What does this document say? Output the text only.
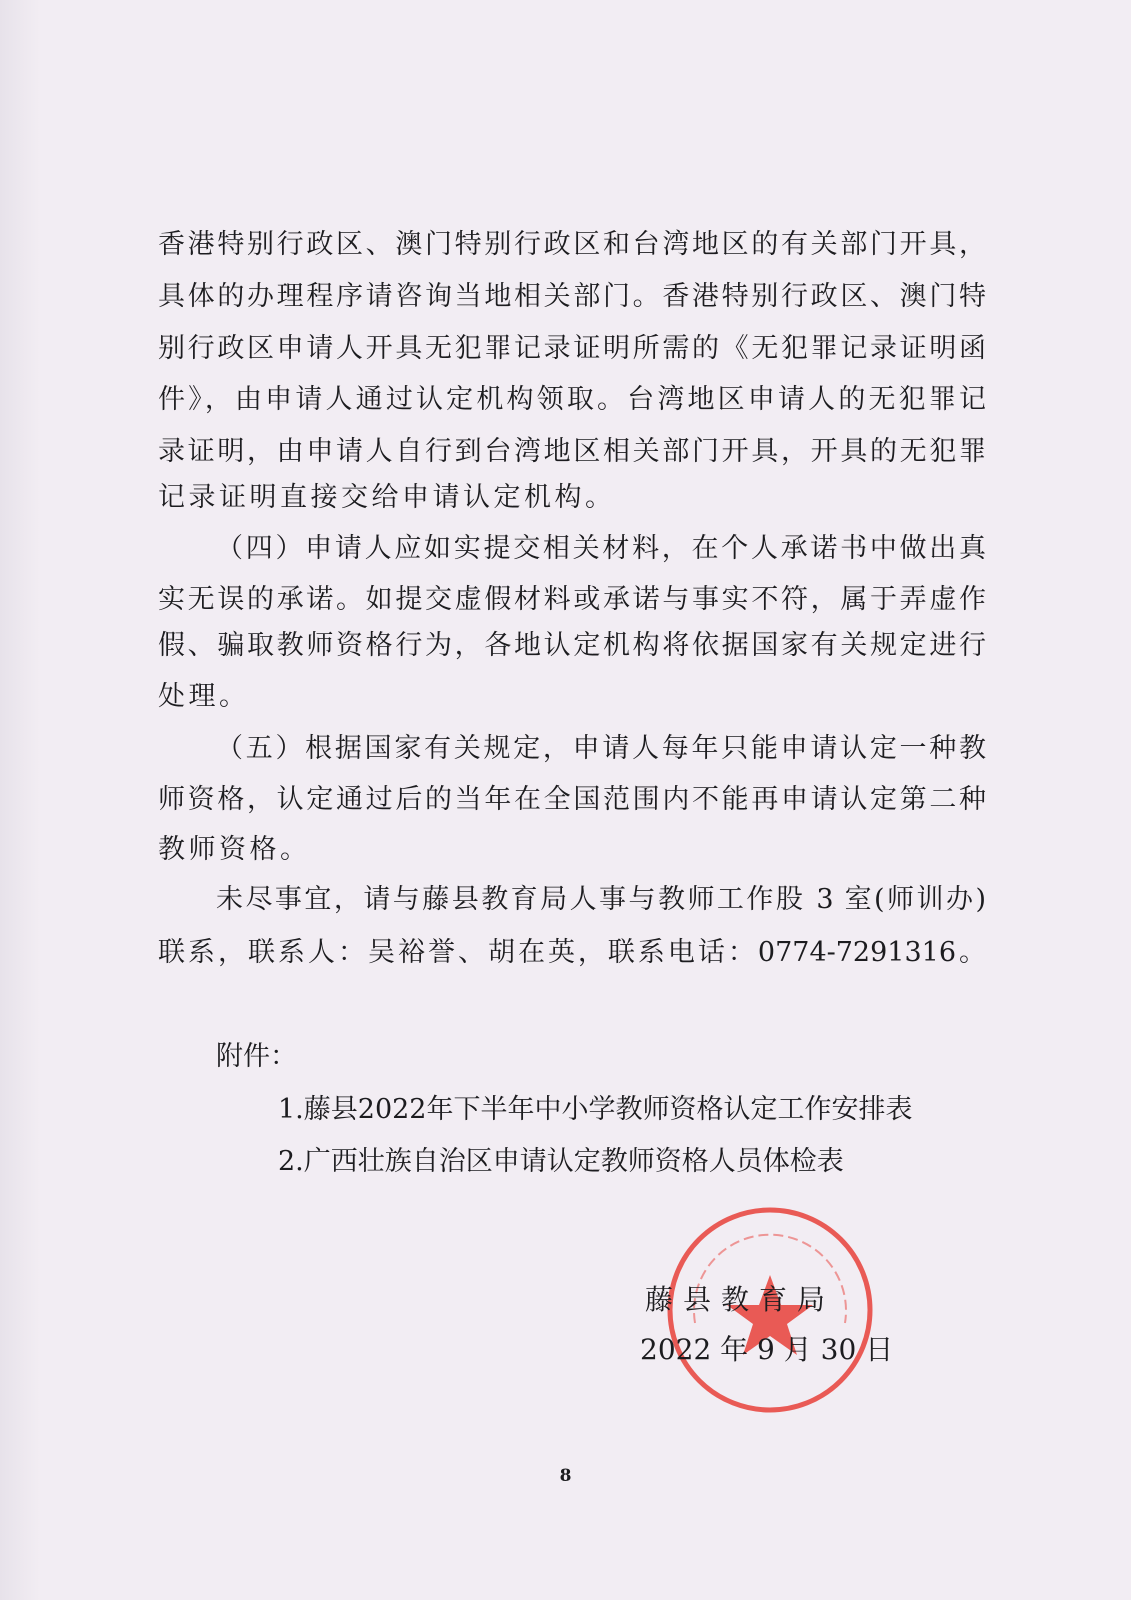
香港特别行政区、澳门特别行政区和台湾地区的有关部门开具，
具体的办理程序请咨询当地相关部门。香港特别行政区、澳门特
别行政区申请人开具无犯罪记录证明所需的《无犯罪记录证明函
件》，由申请人通过认定机构领取。台湾地区申请人的无犯罪记
录证明，由申请人自行到台湾地区相关部门开具，开具的无犯罪
记录证明直接交给申请认定机构。
（四）申请人应如实提交相关材料，在个人承诺书中做出真
实无误的承诺。如提交虚假材料或承诺与事实不符，属于弄虚作
假、骗取教师资格行为，各地认定机构将依据国家有关规定进行
处理。
（五）根据国家有关规定，申请人每年只能申请认定一种教
师资格，认定通过后的当年在全国范围内不能再申请认定第二种
教师资格。
未尽事宜，请与藤县教育局人事与教师工作股 3 室(师训办)
联系，联系人：吴裕誉、胡在英，联系电话：0774-7291316。
附件：
1.藤县2022年下半年中小学教师资格认定工作安排表
2.广西壮族自治区申请认定教师资格人员体检表
藤县教育局
2022 年 9 月 30 日
8
